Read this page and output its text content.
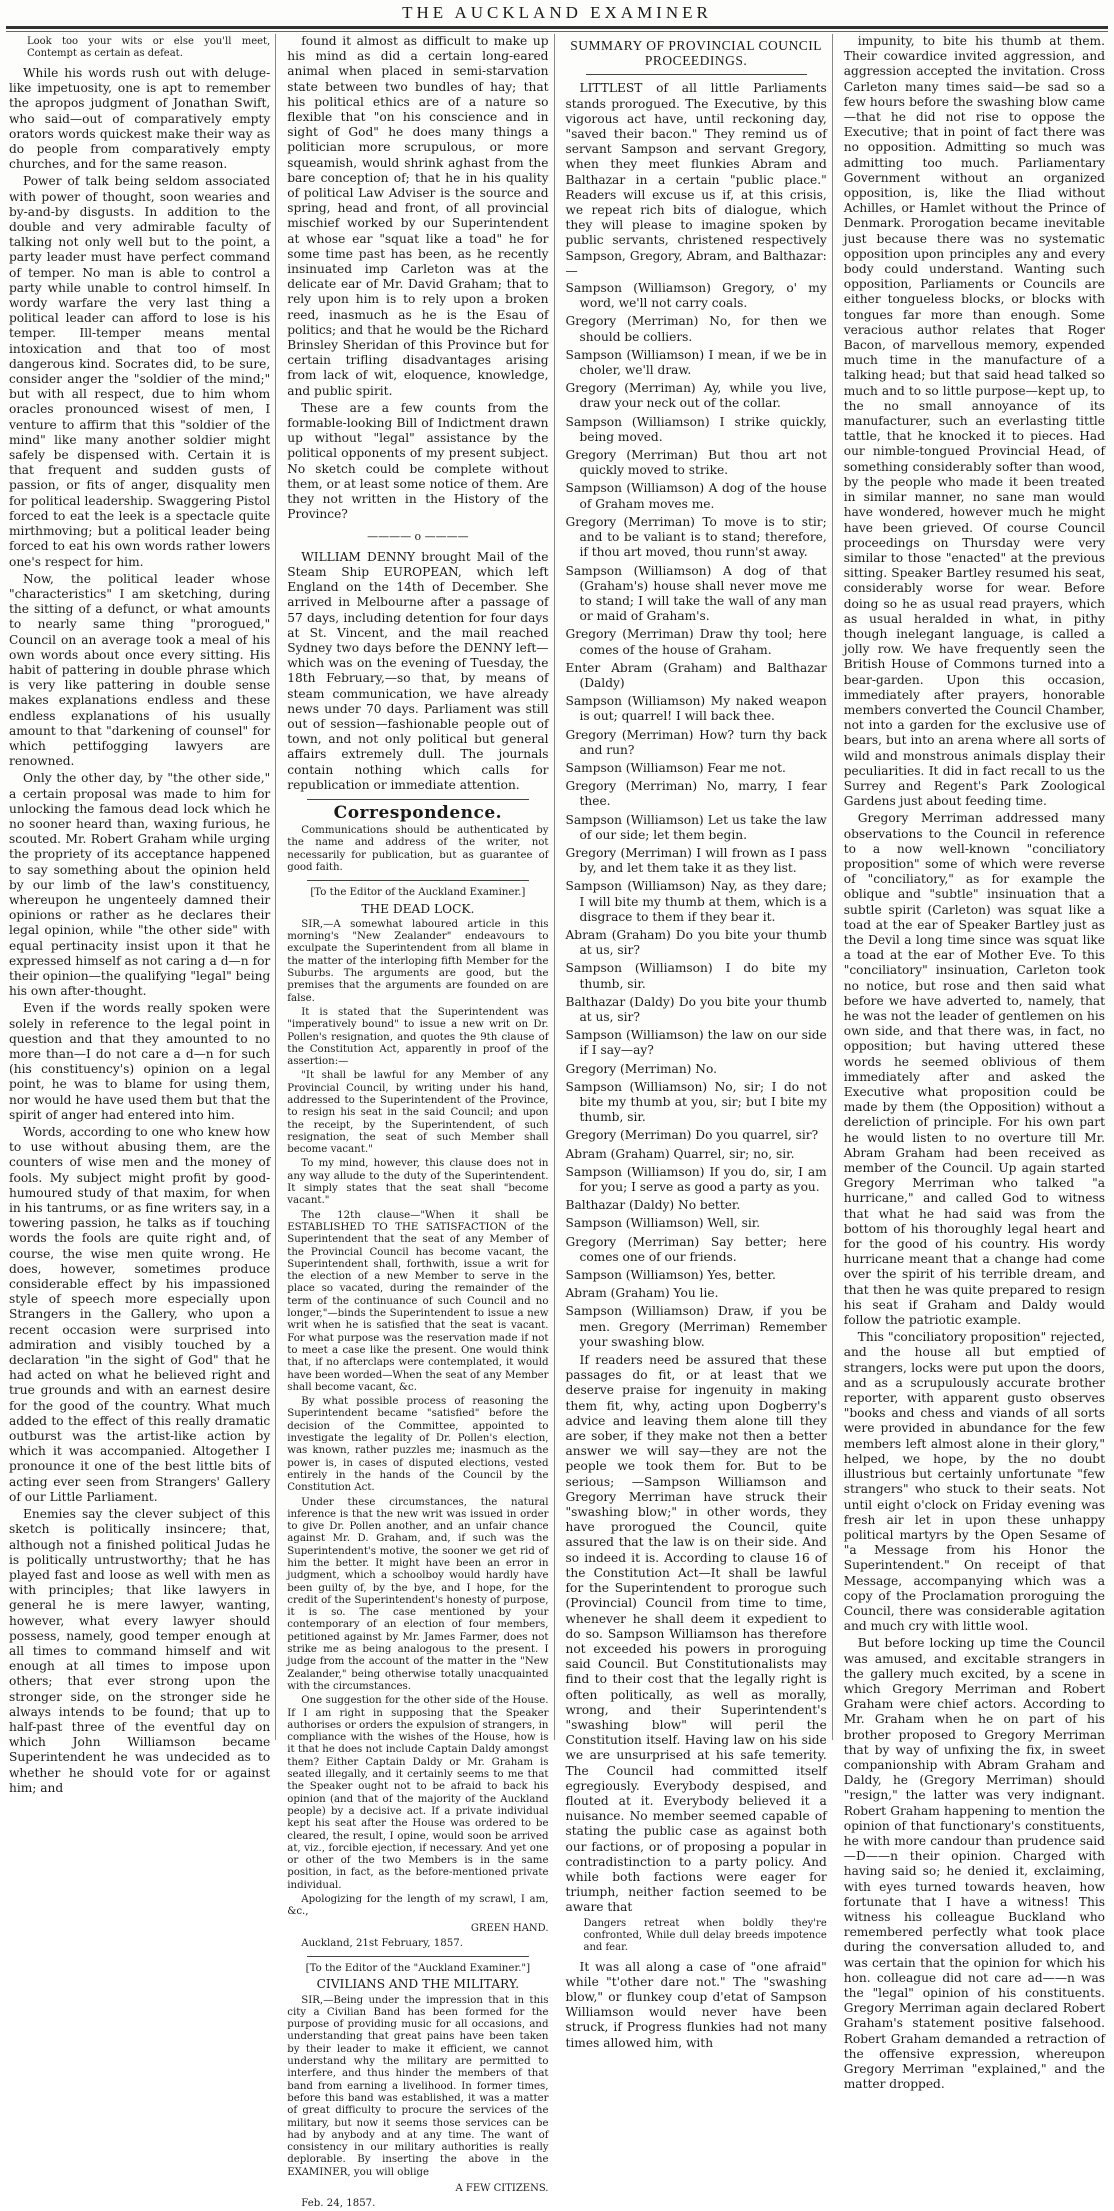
THE AUCKLAND EXAMINER

Look too your wits or else you'll meet, Contempt as certain as defeat.

While his words rush out with deluge-like impetuosity, one is apt to remember the apropos judgment of Jonathan Swift, who said—out of comparatively empty orators words quickest make their way as do people from comparatively empty churches, and for the same reason.

Power of talk being seldom associated with power of thought, soon wearies and by-and-by disgusts. In addition to the double and very admirable faculty of talking not only well but to the point, a party leader must have perfect command of temper. No man is able to control a party while unable to control himself. In wordy warfare the very last thing a political leader can afford to lose is his temper. Ill-temper means mental intoxication and that too of most dangerous kind. Socrates did, to be sure, consider anger the "soldier of the mind;" but with all respect, due to him whom oracles pronounced wisest of men, I venture to affirm that this "soldier of the mind" like many another soldier might safely be dispensed with. Certain it is that frequent and sudden gusts of passion, or fits of anger, disquality men for political leadership. Swaggering Pistol forced to eat the leek is a spectacle quite mirthmoving; but a political leader being forced to eat his own words rather lowers one's respect for him.

Now, the political leader whose "characteristics" I am sketching, during the sitting of a defunct, or what amounts to nearly same thing "prorogued," Council on an average took a meal of his own words about once every sitting. His habit of pattering in double phrase which is very like pattering in double sense makes explanations endless and these endless explanations of his usually amount to that "darkening of counsel" for which pettifogging lawyers are renowned.

Only the other day, by "the other side," a certain proposal was made to him for unlocking the famous dead lock which he no sooner heard than, waxing furious, he scouted. Mr. Robert Graham while urging the propriety of its acceptance happened to say something about the opinion held by our limb of the law's constituency, whereupon he ungenteely damned their opinions or rather as he declares their legal opinion, while "the other side" with equal pertinacity insist upon it that he expressed himself as not caring a d—n for their opinion—the qualifying "legal" being his own after-thought.

Even if the words really spoken were solely in reference to the legal point in question and that they amounted to no more than—I do not care a d—n for such (his constituency's) opinion on a legal point, he was to blame for using them, nor would he have used them but that the spirit of anger had entered into him.

Words, according to one who knew how to use without abusing them, are the counters of wise men and the money of fools. My subject might profit by good-humoured study of that maxim, for when in his tantrums, or as fine writers say, in a towering passion, he talks as if touching words the fools are quite right and, of course, the wise men quite wrong. He does, however, sometimes produce considerable effect by his impassioned style of speech more especially upon Strangers in the Gallery, who upon a recent occasion were surprised into admiration and visibly touched by a declaration "in the sight of God" that he had acted on what he believed right and true grounds and with an earnest desire for the good of the country. What much added to the effect of this really dramatic outburst was the artist-like action by which it was accompanied. Altogether I pronounce it one of the best little bits of acting ever seen from Strangers' Gallery of our Little Parliament.

Enemies say the clever subject of this sketch is politically insincere; that, although not a finished political Judas he is politically untrustworthy; that he has played fast and loose as well with men as with principles; that like lawyers in general he is mere lawyer, wanting, however, what every lawyer should possess, namely, good temper enough at all times to command himself and wit enough at all times to impose upon others; that ever strong upon the stronger side, on the stronger side he always intends to be found; that up to half-past three of the eventful day on which John Williamson became Superintendent he was undecided as to whether he should vote for or against him; and

found it almost as difficult to make up his mind as did a certain long-eared animal when placed in semi-starvation state between two bundles of hay; that his political ethics are of a nature so flexible that "on his conscience and in sight of God" he does many things a politician more scrupulous, or more squeamish, would shrink aghast from the bare conception of; that he in his quality of political Law Adviser is the source and spring, head and front, of all provincial mischief worked by our Superintendent at whose ear "squat like a toad" he for some time past has been, as he recently insinuated imp Carleton was at the delicate ear of Mr. David Graham; that to rely upon him is to rely upon a broken reed, inasmuch as he is the Esau of politics; and that he would be the Richard Brinsley Sheridan of this Province but for certain trifling disadvantages arising from lack of wit, eloquence, knowledge, and public spirit.

These are a few counts from the formable-looking Bill of Indictment drawn up without "legal" assistance by the political opponents of my present subject. No sketch could be complete without them, or at least some notice of them. Are they not written in the History of the Province?

———— o ————

WILLIAM DENNY brought Mail of the Steam Ship EUROPEAN, which left England on the 14th of December. She arrived in Melbourne after a passage of 57 days, including detention for four days at St. Vincent, and the mail reached Sydney two days before the DENNY left—which was on the evening of Tuesday, the 18th February,—so that, by means of steam communication, we have already news under 70 days. Parliament was still out of session—fashionable people out of town, and not only political but general affairs extremely dull. The journals contain nothing which calls for republication or immediate attention.

Correspondence.

Communications should be authenticated by the name and address of the writer, not necessarily for publication, but as guarantee of good faith.

[To the Editor of the Auckland Examiner.]

THE DEAD LOCK.

SIR,—A somewhat laboured article in this morning's "New Zealander" endeavours to exculpate the Superintendent from all blame in the matter of the interloping fifth Member for the Suburbs. The arguments are good, but the premises that the arguments are founded on are false.

It is stated that the Superintendent was "imperatively bound" to issue a new writ on Dr. Pollen's resignation, and quotes the 9th clause of the Constitution Act, apparently in proof of the assertion:—

"It shall be lawful for any Member of any Provincial Council, by writing under his hand, addressed to the Superintendent of the Province, to resign his seat in the said Council; and upon the receipt, by the Superintendent, of such resignation, the seat of such Member shall become vacant."

To my mind, however, this clause does not in any way allude to the duty of the Superintendent. It simply states that the seat shall "become vacant."

The 12th clause—"When it shall be ESTABLISHED TO THE SATISFACTION of the Superintendent that the seat of any Member of the Provincial Council has become vacant, the Superintendent shall, forthwith, issue a writ for the election of a new Member to serve in the place so vacated, during the remainder of the term of the continuance of such Council and no longer,"—binds the Superintendent to issue a new writ when he is satisfied that the seat is vacant. For what purpose was the reservation made if not to meet a case like the present. One would think that, if no afterclaps were contemplated, it would have been worded—When the seat of any Member shall become vacant, &c.

By what possible process of reasoning the Superintendent became "satisfied" before the decision of the Committee, appointed to investigate the legality of Dr. Pollen's election, was known, rather puzzles me; inasmuch as the power is, in cases of disputed elections, vested entirely in the hands of the Council by the Constitution Act.

Under these circumstances, the natural inference is that the new writ was issued in order to give Dr. Pollen another, and an unfair chance against Mr. D. Graham, and, if such was the Superintendent's motive, the sooner we get rid of him the better. It might have been an error in judgment, which a schoolboy would hardly have been guilty of, by the bye, and I hope, for the credit of the Superintendent's honesty of purpose, it is so. The case mentioned by your contemporary of an election of four members, petitioned against by Mr. James Farmer, does not strike me as being analogous to the present. I judge from the account of the matter in the "New Zealander," being otherwise totally unacquainted with the circumstances.

One suggestion for the other side of the House. If I am right in supposing that the Speaker authorises or orders the expulsion of strangers, in compliance with the wishes of the House, how is it that he does not include Captain Daldy amongst them? Either Captain Daldy or Mr. Graham is seated illegally, and it certainly seems to me that the Speaker ought not to be afraid to back his opinion (and that of the majority of the Auckland people) by a decisive act. If a private individual kept his seat after the House was ordered to be cleared, the result, I opine, would soon be arrived at, viz., forcible ejection, if necessary. And yet one or other of the two Members is in the same position, in fact, as the before-mentioned private individual.

Apologizing for the length of my scrawl, I am, &c.,

GREEN HAND.

Auckland, 21st February, 1857.

[To the Editor of the "Auckland Examiner."]

CIVILIANS AND THE MILITARY.

SIR,—Being under the impression that in this city a Civilian Band has been formed for the purpose of providing music for all occasions, and understanding that great pains have been taken by their leader to make it efficient, we cannot understand why the military are permitted to interfere, and thus hinder the members of that band from earning a livelihood. In former times, before this band was established, it was a matter of great difficulty to procure the services of the military, but now it seems those services can be had by anybody and at any time. The want of consistency in our military authorities is really deplorable. By inserting the above in the EXAMINER, you will oblige

A FEW CITIZENS.

Feb. 24, 1857.

SUMMARY OF PROVINCIAL COUNCIL PROCEEDINGS.

LITTLEST of all little Parliaments stands prorogued. The Executive, by this vigorous act have, until reckoning day, "saved their bacon." They remind us of servant Sampson and servant Gregory, when they meet flunkies Abram and Balthazar in a certain "public place." Readers will excuse us if, at this crisis, we repeat rich bits of dialogue, which they will please to imagine spoken by public servants, christened respectively Sampson, Gregory, Abram, and Balthazar:—

Sampson (Williamson) Gregory, o' my word, we'll not carry coals.

Gregory (Merriman) No, for then we should be colliers.

Sampson (Williamson) I mean, if we be in choler, we'll draw.

Gregory (Merriman) Ay, while you live, draw your neck out of the collar.

Sampson (Williamson) I strike quickly, being moved.

Gregory (Merriman) But thou art not quickly moved to strike.

Sampson (Williamson) A dog of the house of Graham moves me.

Gregory (Merriman) To move is to stir; and to be valiant is to stand; therefore, if thou art moved, thou runn'st away.

Sampson (Williamson) A dog of that (Graham's) house shall never move me to stand; I will take the wall of any man or maid of Graham's.

Gregory (Merriman) Draw thy tool; here comes of the house of Graham.

Enter Abram (Graham) and Balthazar (Daldy)

Sampson (Williamson) My naked weapon is out; quarrel! I will back thee.

Gregory (Merriman) How? turn thy back and run?

Sampson (Williamson) Fear me not.

Gregory (Merriman) No, marry, I fear thee.

Sampson (Williamson) Let us take the law of our side; let them begin.

Gregory (Merriman) I will frown as I pass by, and let them take it as they list.

Sampson (Williamson) Nay, as they dare; I will bite my thumb at them, which is a disgrace to them if they bear it.

Abram (Graham) Do you bite your thumb at us, sir?

Sampson (Williamson) I do bite my thumb, sir.

Balthazar (Daldy) Do you bite your thumb at us, sir?

Sampson (Williamson) the law on our side if I say—ay?

Gregory (Merriman) No.

Sampson (Williamson) No, sir; I do not bite my thumb at you, sir; but I bite my thumb, sir.

Gregory (Merriman) Do you quarrel, sir?

Abram (Graham) Quarrel, sir; no, sir.

Sampson (Williamson) If you do, sir, I am for you; I serve as good a party as you.

Balthazar (Daldy) No better.

Sampson (Williamson) Well, sir.

Gregory (Merriman) Say better; here comes one of our friends.

Sampson (Williamson) Yes, better.

Abram (Graham) You lie.

Sampson (Williamson) Draw, if you be men. Gregory (Merriman) Remember your swashing blow.

If readers need be assured that these passages do fit, or at least that we deserve praise for ingenuity in making them fit, why, acting upon Dogberry's advice and leaving them alone till they are sober, if they make not then a better answer we will say—they are not the people we took them for. But to be serious; —Sampson Williamson and Gregory Merriman have struck their "swashing blow;" in other words, they have prorogued the Council, quite assured that the law is on their side. And so indeed it is. According to clause 16 of the Constitution Act—It shall be lawful for the Superintendent to prorogue such (Provincial) Council from time to time, whenever he shall deem it expedient to do so. Sampson Williamson has therefore not exceeded his powers in proroguing said Council. But Constitutionalists may find to their cost that the legally right is often politically, as well as morally, wrong, and their Superintendent's "swashing blow" will peril the Constitution itself. Having law on his side we are unsurprised at his safe temerity. The Council had committed itself egregiously. Everybody despised, and flouted at it. Everybody believed it a nuisance. No member seemed capable of stating the public case as against both our factions, or of proposing a popular in contradistinction to a party policy. And while both factions were eager for triumph, neither faction seemed to be aware that

Dangers retreat when boldly they're confronted, While dull delay breeds impotence and fear.

It was all along a case of "one afraid" while "t'other dare not." The "swashing blow," or flunkey coup d'etat of Sampson Williamson would never have been struck, if Progress flunkies had not many times allowed him, with

impunity, to bite his thumb at them. Their cowardice invited aggression, and aggression accepted the invitation. Cross Carleton many times said—be sad so a few hours before the swashing blow came—that he did not rise to oppose the Executive; that in point of fact there was no opposition. Admitting so much was admitting too much. Parliamentary Government without an organized opposition, is, like the Iliad without Achilles, or Hamlet without the Prince of Denmark. Prorogation became inevitable just because there was no systematic opposition upon principles any and every body could understand. Wanting such opposition, Parliaments or Councils are either tongueless blocks, or blocks with tongues far more than enough. Some veracious author relates that Roger Bacon, of marvellous memory, expended much time in the manufacture of a talking head; but that said head talked so much and to so little purpose—kept up, to the no small annoyance of its manufacturer, such an everlasting tittle tattle, that he knocked it to pieces. Had our nimble-tongued Provincial Head, of something considerably softer than wood, by the people who made it been treated in similar manner, no sane man would have wondered, however much he might have been grieved. Of course Council proceedings on Thursday were very similar to those "enacted" at the previous sitting. Speaker Bartley resumed his seat, considerably worse for wear. Before doing so he as usual read prayers, which as usual heralded in what, in pithy though inelegant language, is called a jolly row. We have frequently seen the British House of Commons turned into a bear-garden. Upon this occasion, immediately after prayers, honorable members converted the Council Chamber, not into a garden for the exclusive use of bears, but into an arena where all sorts of wild and monstrous animals display their peculiarities. It did in fact recall to us the Surrey and Regent's Park Zoological Gardens just about feeding time.

Gregory Merriman addressed many observations to the Council in reference to a now well-known "conciliatory proposition" some of which were reverse of "conciliatory," as for example the oblique and "subtle" insinuation that a subtle spirit (Carleton) was squat like a toad at the ear of Speaker Bartley just as the Devil a long time since was squat like a toad at the ear of Mother Eve. To this "conciliatory" insinuation, Carleton took no notice, but rose and then said what before we have adverted to, namely, that he was not the leader of gentlemen on his own side, and that there was, in fact, no opposition; but having uttered these words he seemed oblivious of them immediately after and asked the Executive what proposition could be made by them (the Opposition) without a dereliction of principle. For his own part he would listen to no overture till Mr. Abram Graham had been received as member of the Council. Up again started Gregory Merriman who talked "a hurricane," and called God to witness that what he had said was from the bottom of his thoroughly legal heart and for the good of his country. His wordy hurricane meant that a change had come over the spirit of his terrible dream, and that then he was quite prepared to resign his seat if Graham and Daldy would follow the patriotic example.

This "conciliatory proposition" rejected, and the house all but emptied of strangers, locks were put upon the doors, and as a scrupulously accurate brother reporter, with apparent gusto observes "books and chess and viands of all sorts were provided in abundance for the few members left almost alone in their glory," helped, we hope, by the no doubt illustrious but certainly unfortunate "few strangers" who stuck to their seats. Not until eight o'clock on Friday evening was fresh air let in upon these unhappy political martyrs by the Open Sesame of "a Message from his Honor the Superintendent." On receipt of that Message, accompanying which was a copy of the Proclamation proroguing the Council, there was considerable agitation and much cry with little wool.

But before locking up time the Council was amused, and excitable strangers in the gallery much excited, by a scene in which Gregory Merriman and Robert Graham were chief actors. According to Mr. Graham when he on part of his brother proposed to Gregory Merriman that by way of unfixing the fix, in sweet companionship with Abram Graham and Daldy, he (Gregory Merriman) should "resign," the latter was very indignant. Robert Graham happening to mention the opinion of that functionary's constituents, he with more candour than prudence said—D——n their opinion. Charged with having said so; he denied it, exclaiming, with eyes turned towards heaven, how fortunate that I have a witness! This witness his colleague Buckland who remembered perfectly what took place during the conversation alluded to, and was certain that the opinion for which his hon. colleague did not care ad——n was the "legal" opinion of his constituents. Gregory Merriman again declared Robert Graham's statement positive falsehood. Robert Graham demanded a retraction of the offensive expression, whereupon Gregory Merriman "explained," and the matter dropped.
